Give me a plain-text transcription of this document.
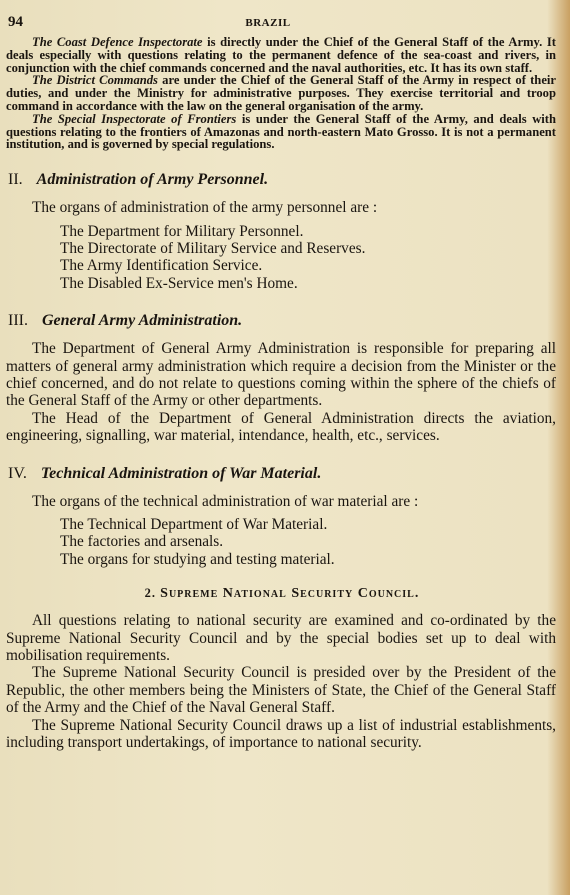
94	BRAZIL

The Coast Defence Inspectorate is directly under the Chief of the General Staff of the Army. It deals especially with questions relating to the permanent defence of the sea-coast and rivers, in conjunction with the chief commands concerned and the naval authorities, etc. It has its own staff.

The District Commands are under the Chief of the General Staff of the Army in respect of their duties, and under the Ministry for administrative purposes. They exercise territorial and troop command in accordance with the law on the general organisation of the army.

The Special Inspectorate of Frontiers is under the General Staff of the Army, and deals with questions relating to the frontiers of Amazonas and north-eastern Mato Grosso. It is not a permanent institution, and is governed by special regulations.

II. Administration of Army Personnel.

The organs of administration of the army personnel are :

The Department for Military Personnel.
The Directorate of Military Service and Reserves.
The Army Identification Service.
The Disabled Ex-Service men's Home.
III. General Army Administration.

The Department of General Army Administration is responsible for preparing all matters of general army administration which require a decision from the Minister or the chief concerned, and do not relate to questions coming within the sphere of the chiefs of the General Staff of the Army or other departments.

The Head of the Department of General Administration directs the aviation, engineering, signalling, war material, intendance, health, etc., services.

IV. Technical Administration of War Material.

The organs of the technical administration of war material are :

The Technical Department of War Material.
The factories and arsenals.
The organs for studying and testing material.
2. Supreme National Security Council.

All questions relating to national security are examined and co-ordinated by the Supreme National Security Council and by the special bodies set up to deal with mobilisation requirements.

The Supreme National Security Council is presided over by the President of the Republic, the other members being the Ministers of State, the Chief of the General Staff of the Army and the Chief of the Naval General Staff.

The Supreme National Security Council draws up a list of industrial establishments, including transport undertakings, of importance to national security.
